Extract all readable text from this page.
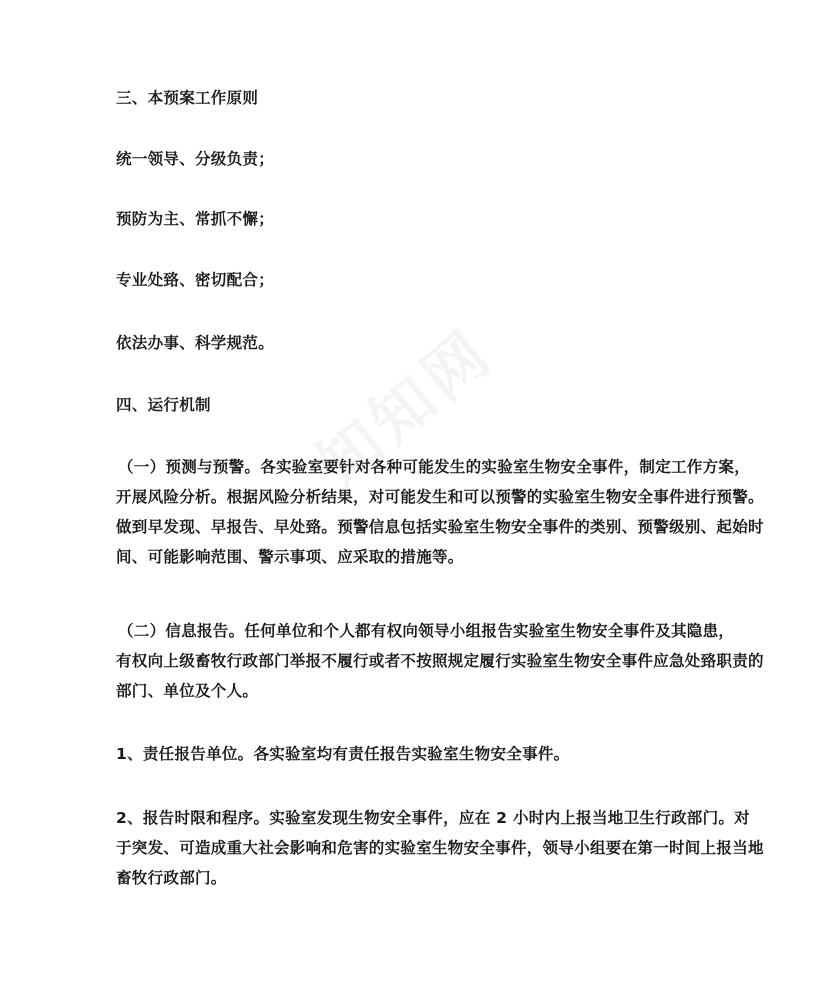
三、本预案工作原则
统一领导、分级负责；
预防为主、常抓不懈；
专业处臵、密切配合；
依法办事、科学规范。
四、运行机制
（一）预测与预警。各实验室要针对各种可能发生的实验室生物安全事件，制定工作方案，
开展风险分析。根据风险分析结果，对可能发生和可以预警的实验室生物安全事件进行预警。
做到早发现、早报告、早处臵。预警信息包括实验室生物安全事件的类别、预警级别、起始时
间、可能影响范围、警示事项、应采取的措施等。
（二）信息报告。任何单位和个人都有权向领导小组报告实验室生物安全事件及其隐患，
有权向上级畜牧行政部门举报不履行或者不按照规定履行实验室生物安全事件应急处臵职责的
部门、单位及个人。
1、责任报告单位。各实验室均有责任报告实验室生物安全事件。
2、报告时限和程序。实验室发现生物安全事件，应在 2 小时内上报当地卫生行政部门。对
于突发、可造成重大社会影响和危害的实验室生物安全事件，领导小组要在第一时间上报当地
畜牧行政部门。
